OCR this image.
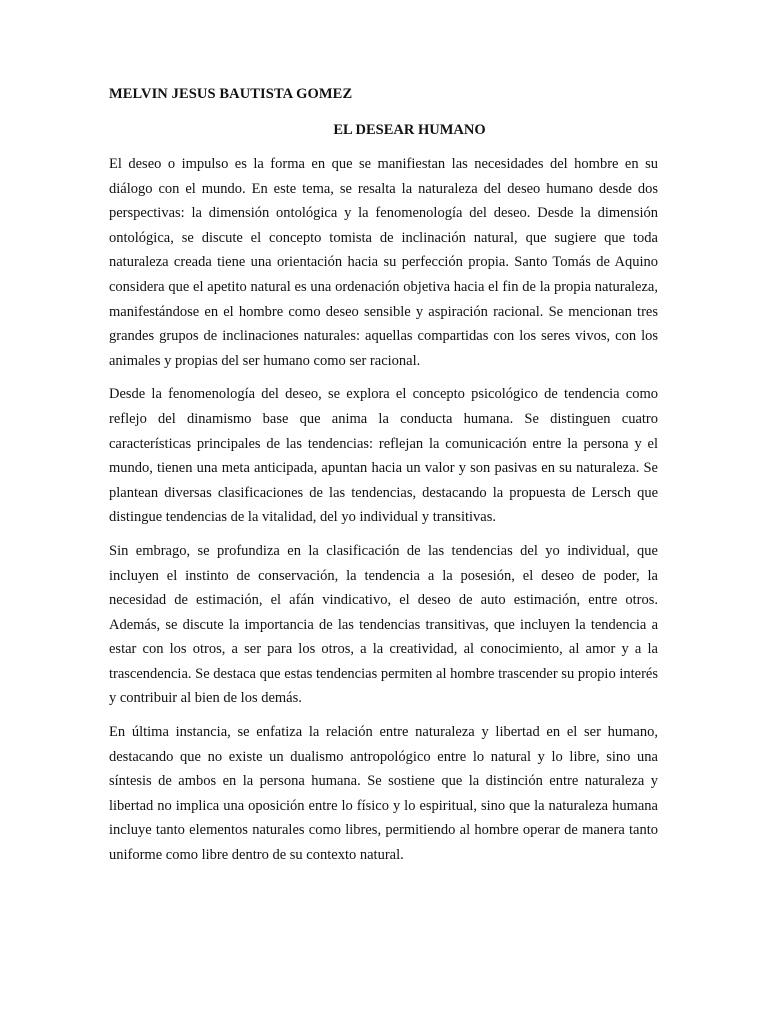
MELVIN JESUS BAUTISTA GOMEZ
EL DESEAR HUMANO

El deseo o impulso es la forma en que se manifiestan las necesidades del hombre en su diálogo con el mundo. En este tema, se resalta la naturaleza del deseo humano desde dos perspectivas: la dimensión ontológica y la fenomenología del deseo. Desde la dimensión ontológica, se discute el concepto tomista de inclinación natural, que sugiere que toda naturaleza creada tiene una orientación hacia su perfección propia. Santo Tomás de Aquino considera que el apetito natural es una ordenación objetiva hacia el fin de la propia naturaleza, manifestándose en el hombre como deseo sensible y aspiración racional. Se mencionan tres grandes grupos de inclinaciones naturales: aquellas compartidas con los seres vivos, con los animales y propias del ser humano como ser racional.

Desde la fenomenología del deseo, se explora el concepto psicológico de tendencia como reflejo del dinamismo base que anima la conducta humana. Se distinguen cuatro características principales de las tendencias: reflejan la comunicación entre la persona y el mundo, tienen una meta anticipada, apuntan hacia un valor y son pasivas en su naturaleza. Se plantean diversas clasificaciones de las tendencias, destacando la propuesta de Lersch que distingue tendencias de la vitalidad, del yo individual y transitivas.

Sin embrago, se profundiza en la clasificación de las tendencias del yo individual, que incluyen el instinto de conservación, la tendencia a la posesión, el deseo de poder, la necesidad de estimación, el afán vindicativo, el deseo de auto estimación, entre otros. Además, se discute la importancia de las tendencias transitivas, que incluyen la tendencia a estar con los otros, a ser para los otros, a la creatividad, al conocimiento, al amor y a la trascendencia. Se destaca que estas tendencias permiten al hombre trascender su propio interés y contribuir al bien de los demás.

En última instancia, se enfatiza la relación entre naturaleza y libertad en el ser humano, destacando que no existe un dualismo antropológico entre lo natural y lo libre, sino una síntesis de ambos en la persona humana. Se sostiene que la distinción entre naturaleza y libertad no implica una oposición entre lo físico y lo espiritual, sino que la naturaleza humana incluye tanto elementos naturales como libres, permitiendo al hombre operar de manera tanto uniforme como libre dentro de su contexto natural.
